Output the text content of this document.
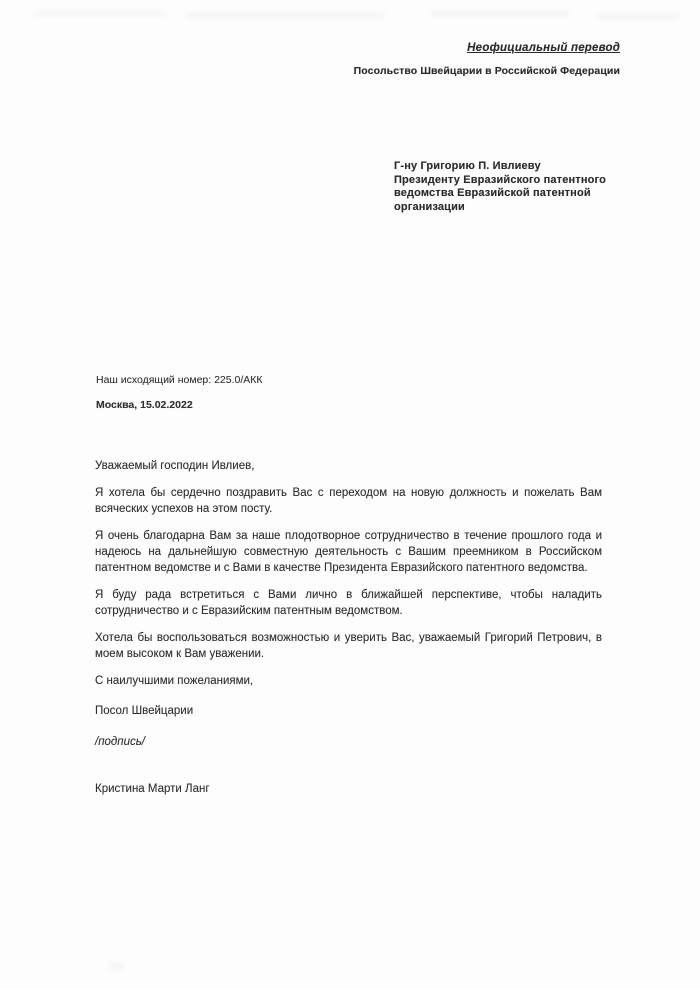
Неофициальный перевод
Посольство Швейцарии в Российской Федерации
Г-ну Григорию П. Ивлиеву
Президенту Евразийского патентного
ведомства Евразийской патентной
организации
Наш исходящий номер: 225.0/АКК
Москва, 15.02.2022
Уважаемый господин Ивлиев,
Я хотела бы сердечно поздравить Вас с переходом на новую должность и пожелать Вам
всяческих успехов на этом посту.
Я очень благодарна Вам за наше плодотворное сотрудничество в течение прошлого года и
надеюсь на дальнейшую совместную деятельность с Вашим преемником в Российском
патентном ведомстве и с Вами в качестве Президента Евразийского патентного ведомства.
Я буду рада встретиться с Вами лично в ближайшей перспективе, чтобы наладить
сотрудничество и с Евразийским патентным ведомством.
Хотела бы воспользоваться возможностью и уверить Вас, уважаемый Григорий Петрович, в
моем высоком к Вам уважении.
С наилучшими пожеланиями,
Посол Швейцарии
/подпись/
Кристина Марти Ланг
